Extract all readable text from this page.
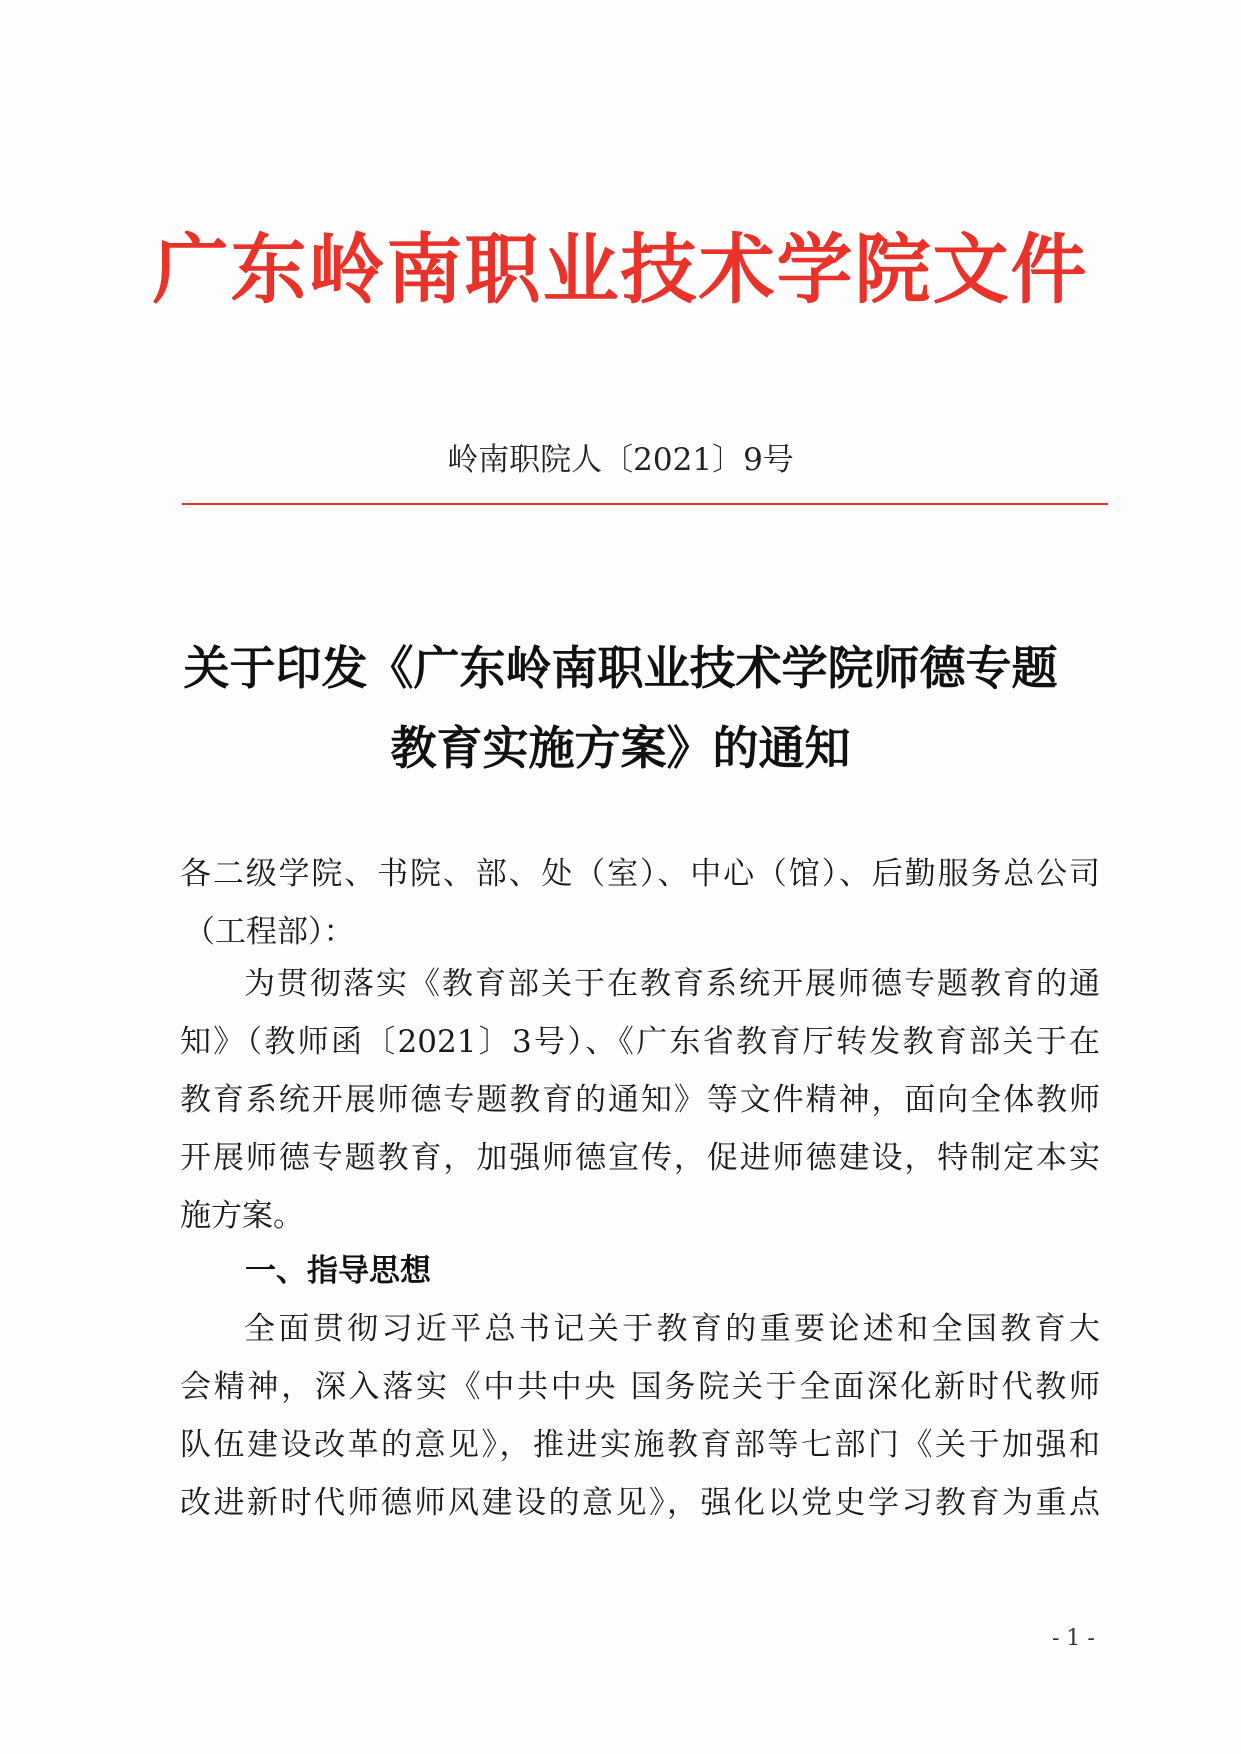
广东岭南职业技术学院文件
岭南职院人〔2021〕9号
关于印发《广东岭南职业技术学院师德专题
教育实施方案》的通知
各二级学院、书院、部、处（室）、中心（馆）、后勤服务总公司
（工程部）：
为贯彻落实《教育部关于在教育系统开展师德专题教育的通
知》（教师函〔2021〕3号）、《广东省教育厅转发教育部关于在
教育系统开展师德专题教育的通知》等文件精神，面向全体教师
开展师德专题教育，加强师德宣传，促进师德建设，特制定本实
施方案。
一、指导思想
全面贯彻习近平总书记关于教育的重要论述和全国教育大
会精神，深入落实《中共中央 国务院关于全面深化新时代教师
队伍建设改革的意见》，推进实施教育部等七部门《关于加强和
改进新时代师德师风建设的意见》，强化以党史学习教育为重点
- 1 -
